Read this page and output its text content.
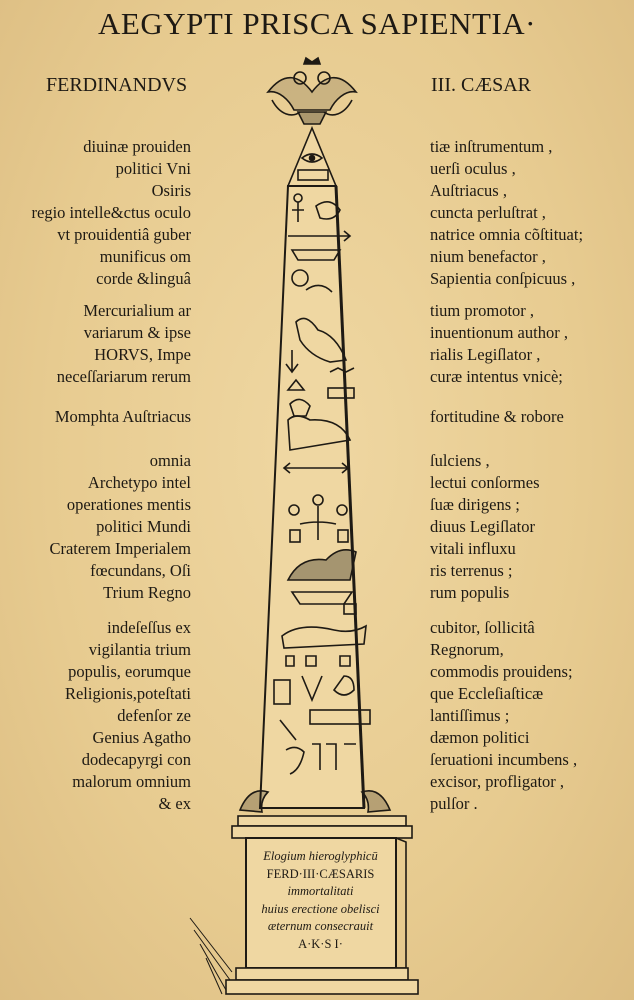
AEGYPTI PRISCA SAPIENTIA·
FERDINANDVS	III. CÆSAR
diuinæ prouiden
politici Vni
Osiris
regio intelle&ctus oculo
vt prouidentiâ guber
munificus om
corde &linguâ
Mercurialium ar
variarum & ipse
HORVS, Impe
neceſſariarum rerum
Momphta Auſtriacus
omnia
Archetypo intel
operationes mentis
politici Mundi
Craterem Imperialem
fœcundans, Oſi
Trium Regno
indeſeſſus ex
vigilantia trium
populis, eorumque
Religionis,poteſtati
defenſor ze
Genius Agatho
dodecapyrgi con
malorum omnium
& ex
tiæ inſtrumentum ,
uerſi oculus ,
Auſtriacus ,
cuncta perluſtrat ,
natrice omnia cõſtituat;
nium benefactor ,
Sapientia conſpicuus ,
tium promotor ,
inuentionum author ,
rialis Legiſlator ,
curæ intentus vnicè;
fortitudine & robore
ſulciens ,
lectui conſormes
ſuæ dirigens ;
diuus Legiſlator
vitali influxu
ris terrenus ;
rum populis
cubitor, ſollicitâ
Regnorum,
commodis prouidens;
que Eccleſiaſticæ
lantiſſimus ;
dæmon politici
ſeruationi incumbens ,
excisor, profligator ,
pulſor .
Elogium hieroglyphicū
FERD·III·CÆSARIS
immortalitati
huius erectione obelisci
æternum consecrauit
A·K·S I·
